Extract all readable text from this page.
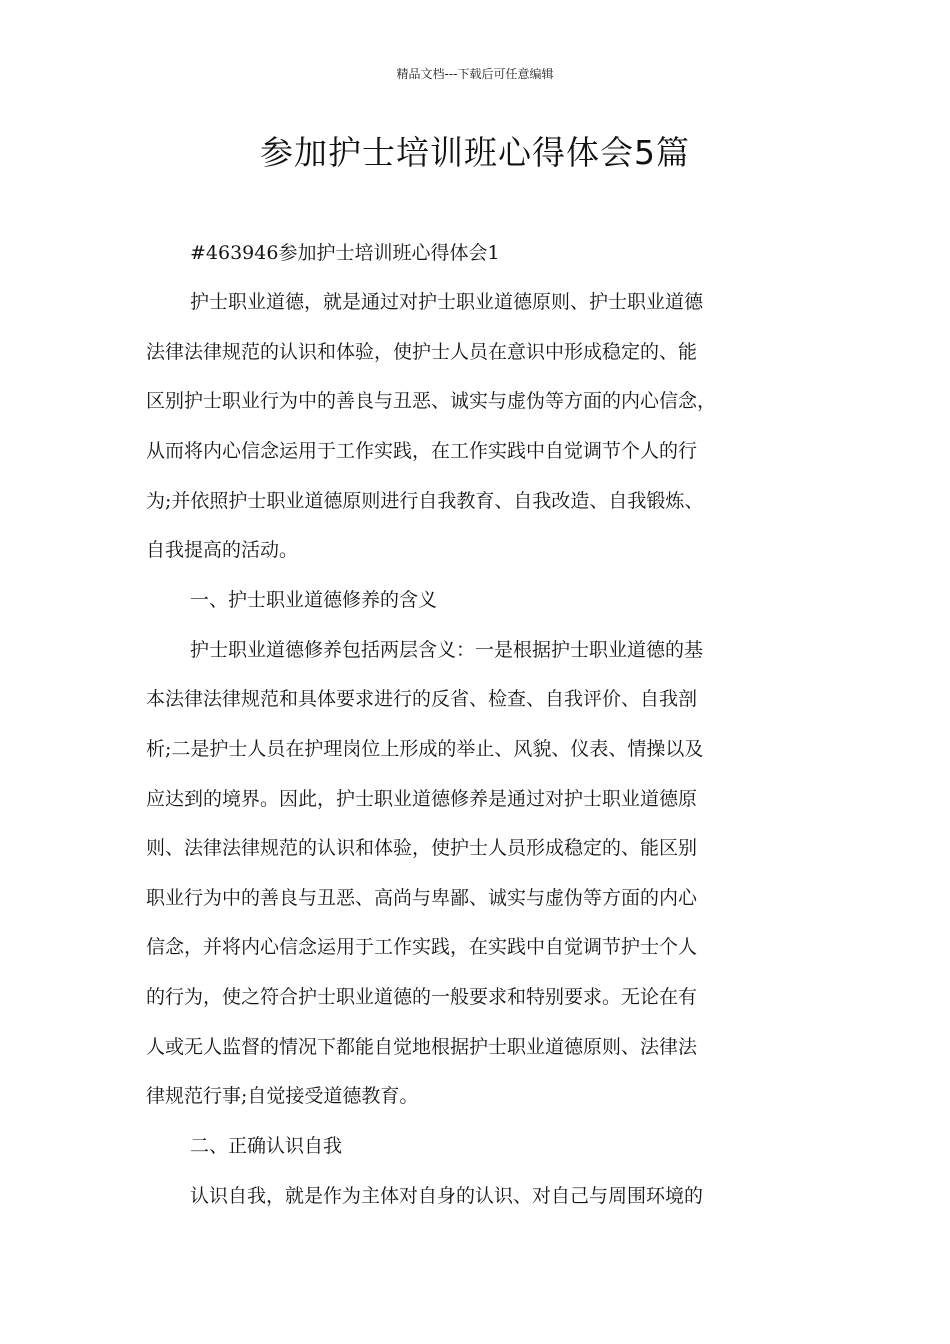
精品文档---下载后可任意编辑
参加护士培训班心得体会5篇
#463946参加护士培训班心得体会1
护士职业道德，就是通过对护士职业道德原则、护士职业道德
法律法律规范的认识和体验，使护士人员在意识中形成稳定的、能
区别护士职业行为中的善良与丑恶、诚实与虚伪等方面的内心信念，
从而将内心信念运用于工作实践，在工作实践中自觉调节个人的行
为;并依照护士职业道德原则进行自我教育、自我改造、自我锻炼、
自我提高的活动。
一、护士职业道德修养的含义
护士职业道德修养包括两层含义：一是根据护士职业道德的基
本法律法律规范和具体要求进行的反省、检查、自我评价、自我剖
析;二是护士人员在护理岗位上形成的举止、风貌、仪表、情操以及
应达到的境界。因此，护士职业道德修养是通过对护士职业道德原
则、法律法律规范的认识和体验，使护士人员形成稳定的、能区别
职业行为中的善良与丑恶、高尚与卑鄙、诚实与虚伪等方面的内心
信念，并将内心信念运用于工作实践，在实践中自觉调节护士个人
的行为，使之符合护士职业道德的一般要求和特别要求。无论在有
人或无人监督的情况下都能自觉地根据护士职业道德原则、法律法
律规范行事;自觉接受道德教育。
二、正确认识自我
认识自我，就是作为主体对自身的认识、对自己与周围环境的
